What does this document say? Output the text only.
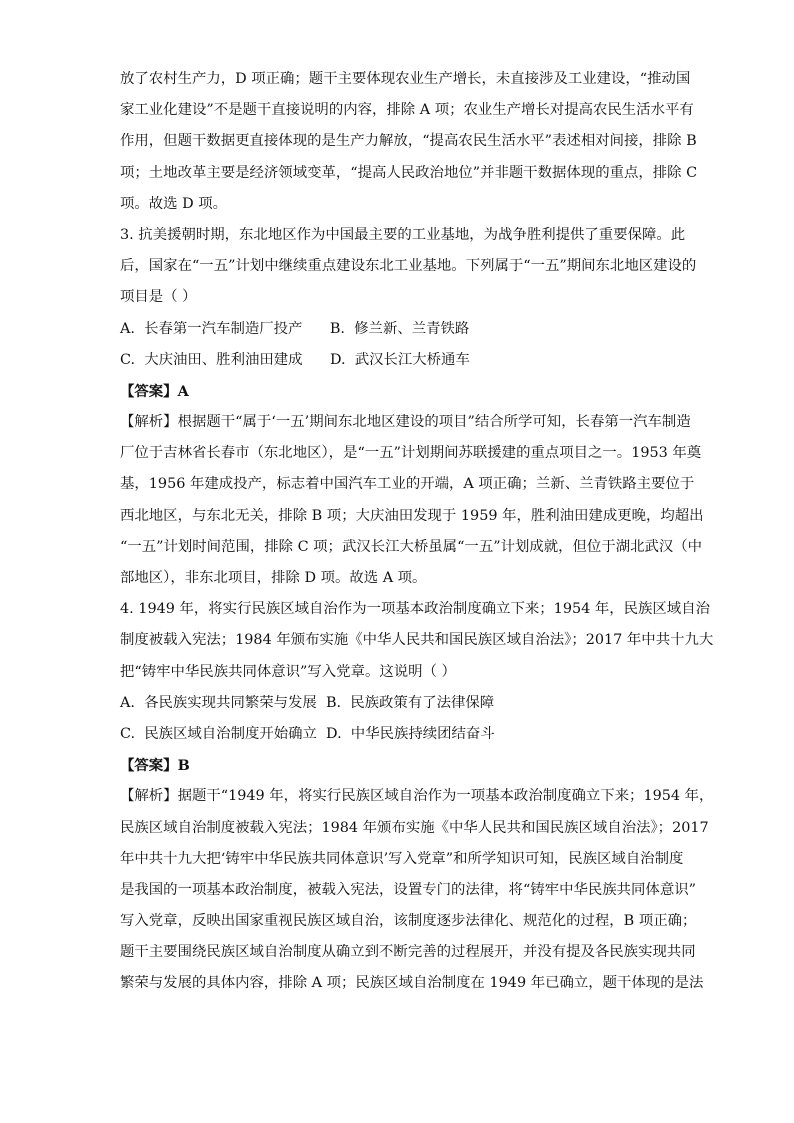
放了农村生产力，D 项正确；题干主要体现农业生产增长，未直接涉及工业建设，“推动国
家工业化建设”不是题干直接说明的内容，排除 A 项；农业生产增长对提高农民生活水平有
作用，但题干数据更直接体现的是生产力解放，“提高农民生活水平”表述相对间接，排除 B
项；土地改革主要是经济领域变革，“提高人民政治地位”并非题干数据体现的重点，排除 C
项。故选 D 项。
3. 抗美援朝时期，东北地区作为中国最主要的工业基地，为战争胜利提供了重要保障。此
后，国家在“一五”计划中继续重点建设东北工业基地。下列属于“一五”期间东北地区建设的
项目是（ ）
A.  长春第一汽车制造厂投产      B.  修兰新、兰青铁路
C.  大庆油田、胜利油田建成      D.  武汉长江大桥通车
【答案】A
【解析】根据题干“属于‘一五’期间东北地区建设的项目”结合所学可知，长春第一汽车制造
厂位于吉林省长春市（东北地区），是“一五”计划期间苏联援建的重点项目之一。1953 年奠
基，1956 年建成投产，标志着中国汽车工业的开端，A 项正确；兰新、兰青铁路主要位于
西北地区，与东北无关，排除 B 项；大庆油田发现于 1959 年，胜利油田建成更晚，均超出
“一五”计划时间范围，排除 C 项；武汉长江大桥虽属“一五”计划成就，但位于湖北武汉（中
部地区），非东北项目，排除 D 项。故选 A 项。
4. 1949 年，将实行民族区域自治作为一项基本政治制度确立下来；1954 年，民族区域自治
制度被载入宪法；1984 年颁布实施《中华人民共和国民族区域自治法》；2017 年中共十九大
把“铸牢中华民族共同体意识”写入党章。这说明（ ）
A.  各民族实现共同繁荣与发展  B.  民族政策有了法律保障
C.  民族区域自治制度开始确立  D.  中华民族持续团结奋斗
【答案】B
【解析】据题干“1949 年，将实行民族区域自治作为一项基本政治制度确立下来；1954 年，
民族区域自治制度被载入宪法；1984 年颁布实施《中华人民共和国民族区域自治法》；2017
年中共十九大把‘铸牢中华民族共同体意识’写入党章”和所学知识可知，民族区域自治制度
是我国的一项基本政治制度，被载入宪法，设置专门的法律，将“铸牢中华民族共同体意识”
写入党章，反映出国家重视民族区域自治，该制度逐步法律化、规范化的过程，B 项正确；
题干主要围绕民族区域自治制度从确立到不断完善的过程展开，并没有提及各民族实现共同
繁荣与发展的具体内容，排除 A 项；民族区域自治制度在 1949 年已确立，题干体现的是法
